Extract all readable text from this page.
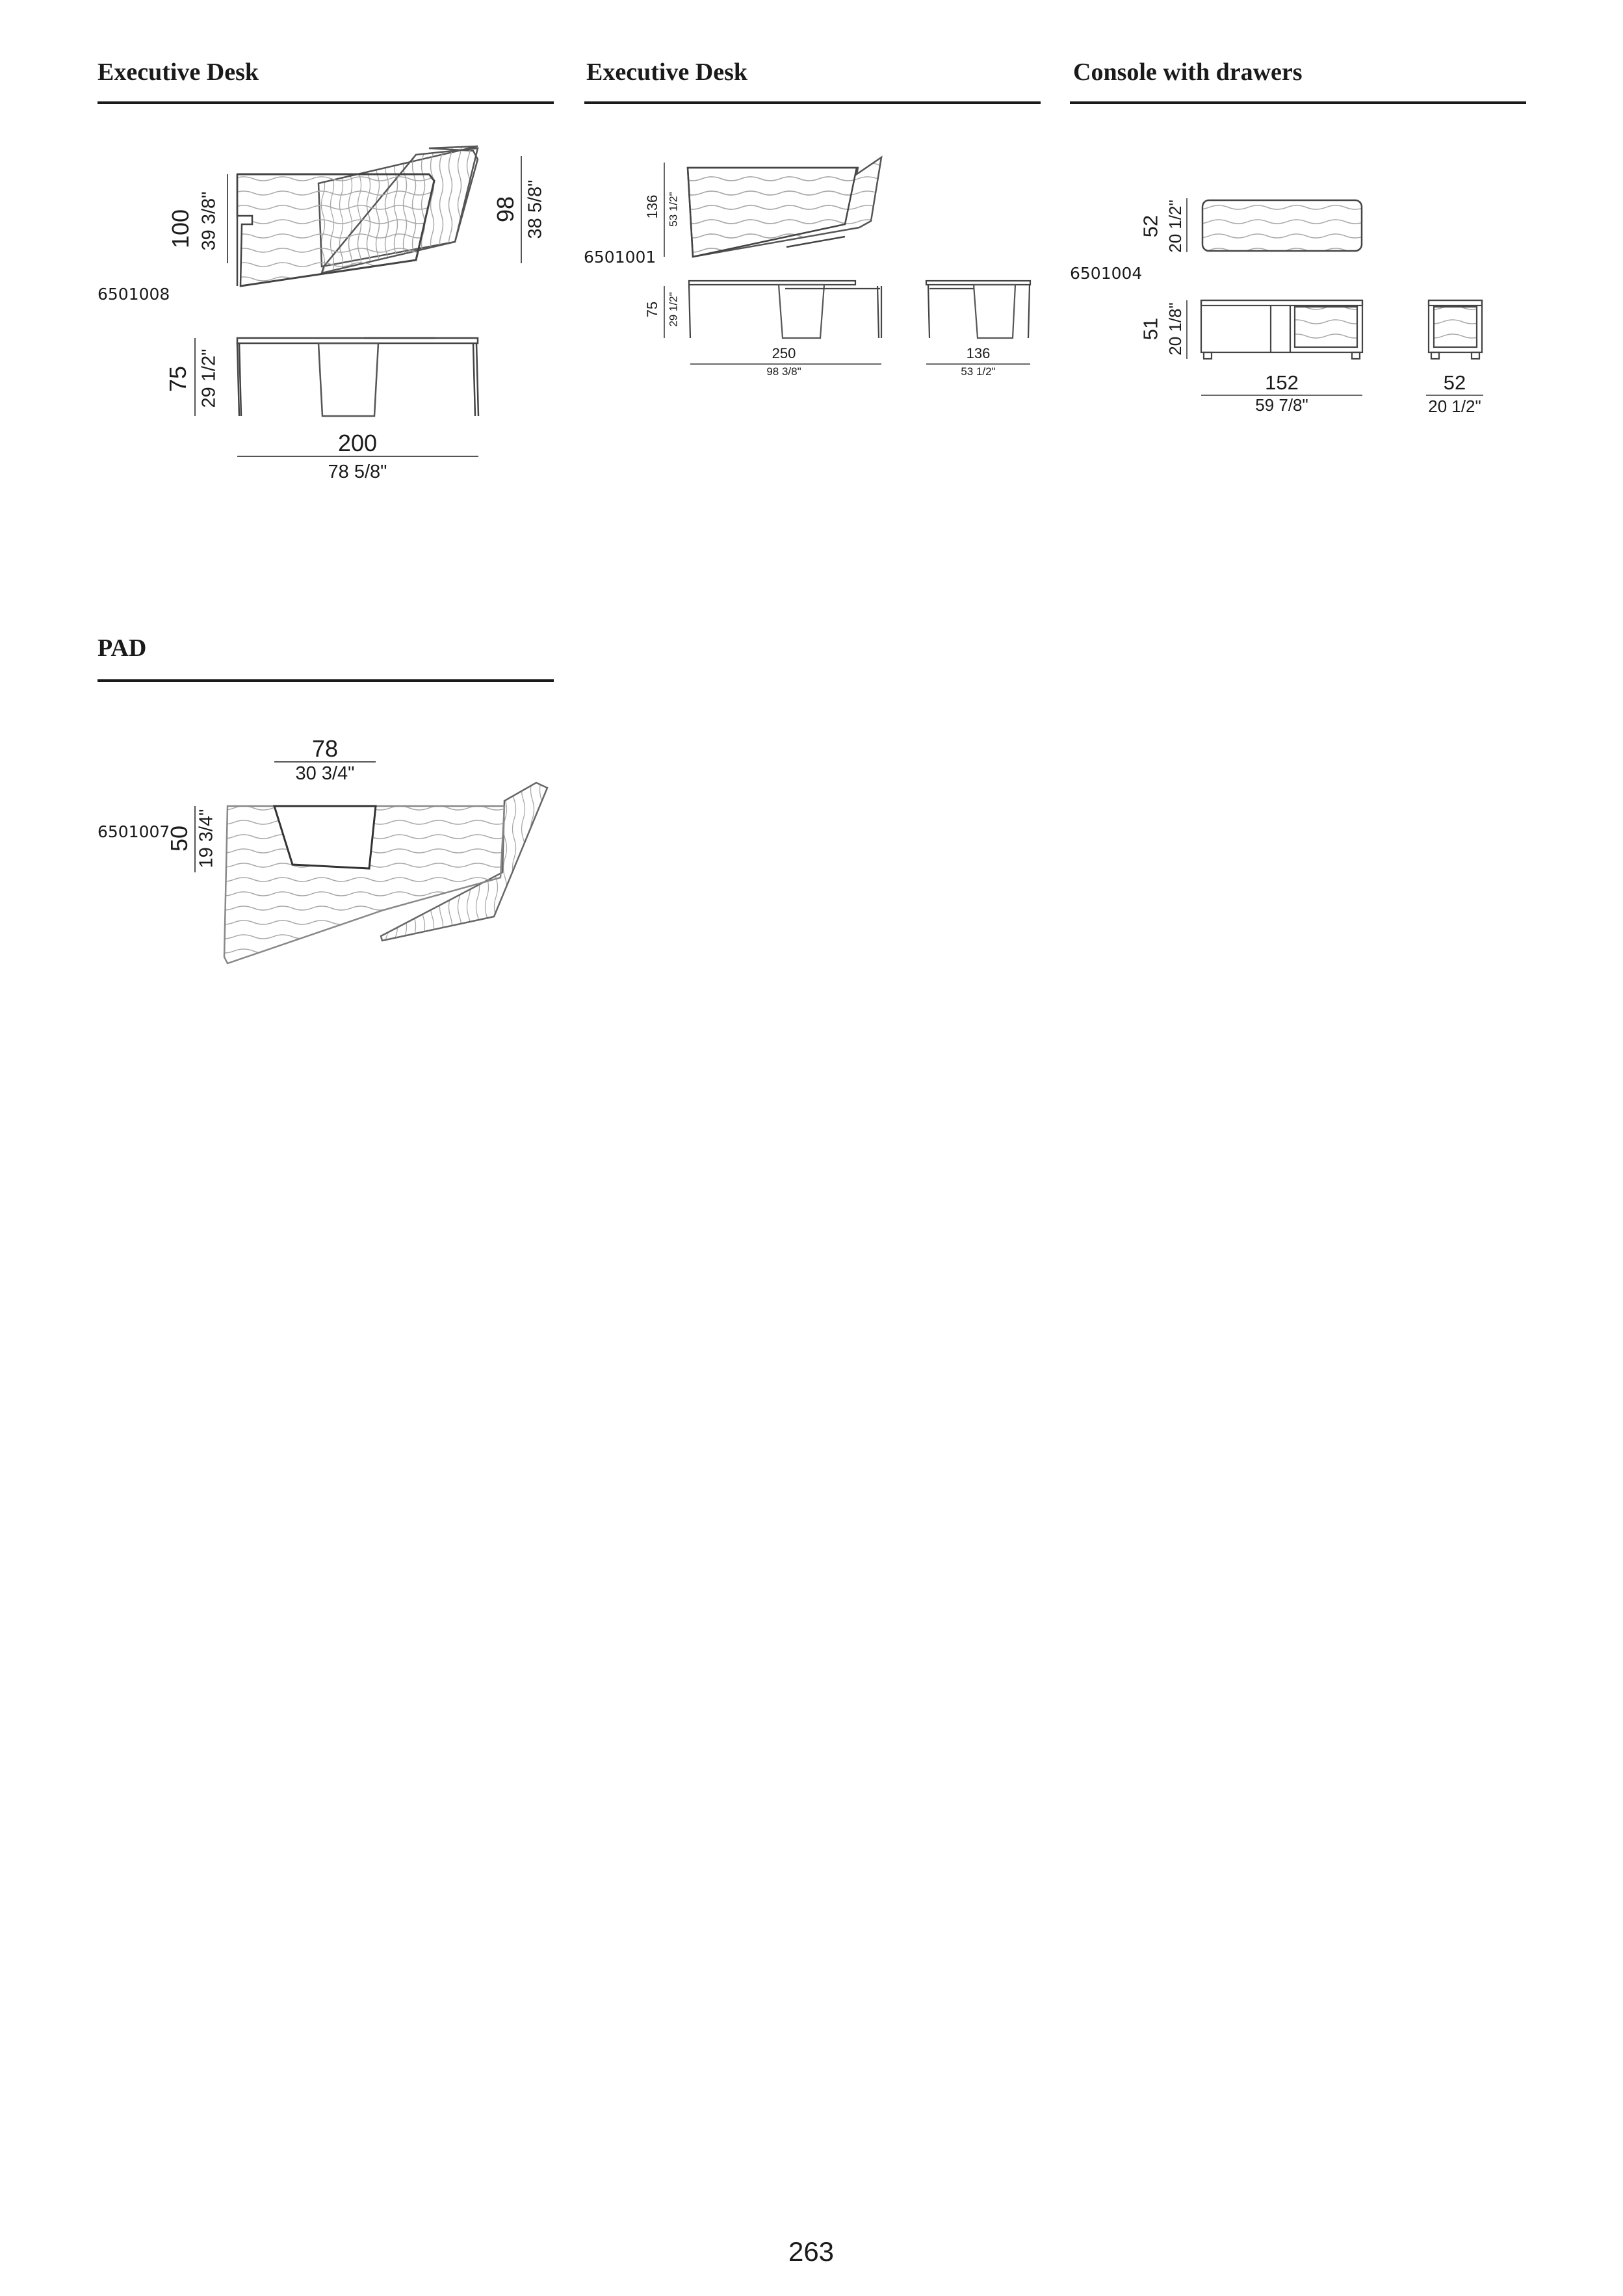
Executive Desk	Executive Desk	Console with drawers
PAD
6501008
6501001
6501004
6501007
100 39 3/8"	98 38 5/8"
75 29 1/2"
200
78 5/8"
136 53 1/2"
75 29 1/2"
250
98 3/8"
136
53 1/2"
52 20 1/2"
51 20 1/8"
152
59 7/8"
52
20 1/2"
78
30 3/4"
50 19 3/4"
263
